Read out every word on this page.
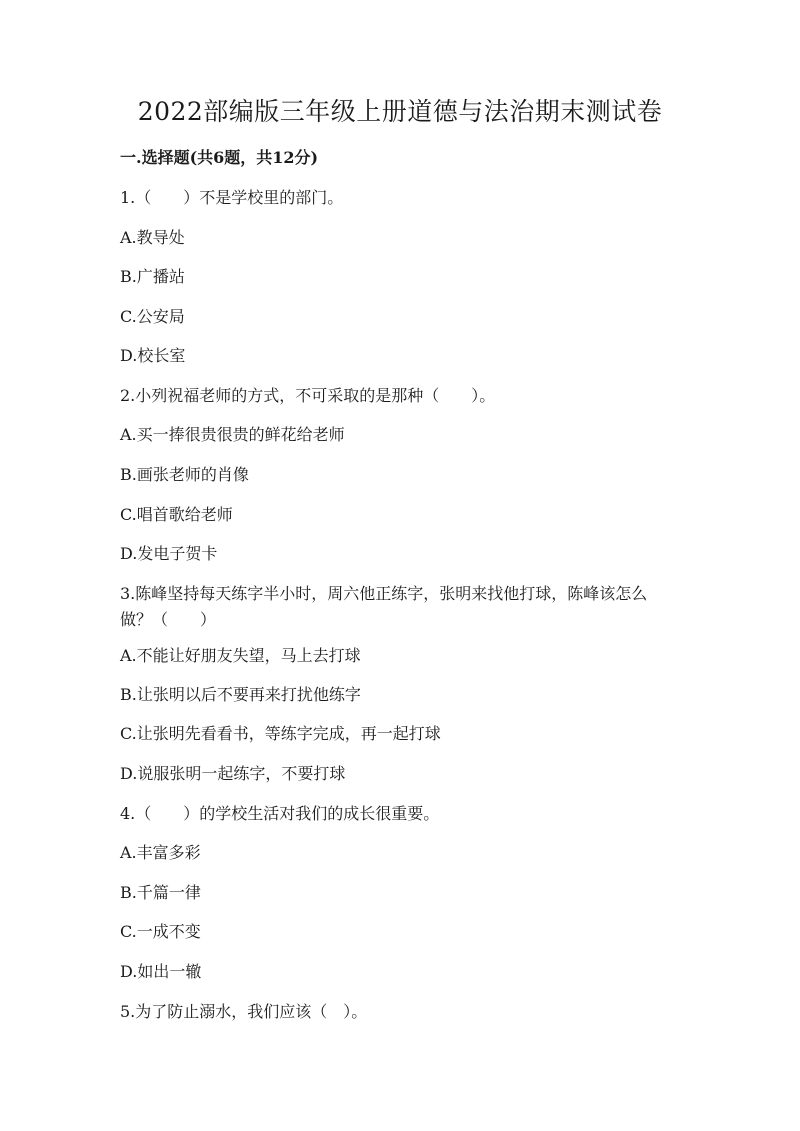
2022部编版三年级上册道德与法治期末测试卷
一.选择题(共6题，共12分)
1.（　　）不是学校里的部门。
A.教导处
B.广播站
C.公安局
D.校长室
2.小列祝福老师的方式，不可采取的是那种（　　）。
A.买一捧很贵很贵的鲜花给老师
B.画张老师的肖像
C.唱首歌给老师
D.发电子贺卡
3.陈峰坚持每天练字半小时，周六他正练字，张明来找他打球，陈峰该怎么做？（　　）
A.不能让好朋友失望，马上去打球
B.让张明以后不要再来打扰他练字
C.让张明先看看书，等练字完成，再一起打球
D.说服张明一起练字，不要打球
4.（　　）的学校生活对我们的成长很重要。
A.丰富多彩
B.千篇一律
C.一成不变
D.如出一辙
5.为了防止溺水，我们应该（　）。
